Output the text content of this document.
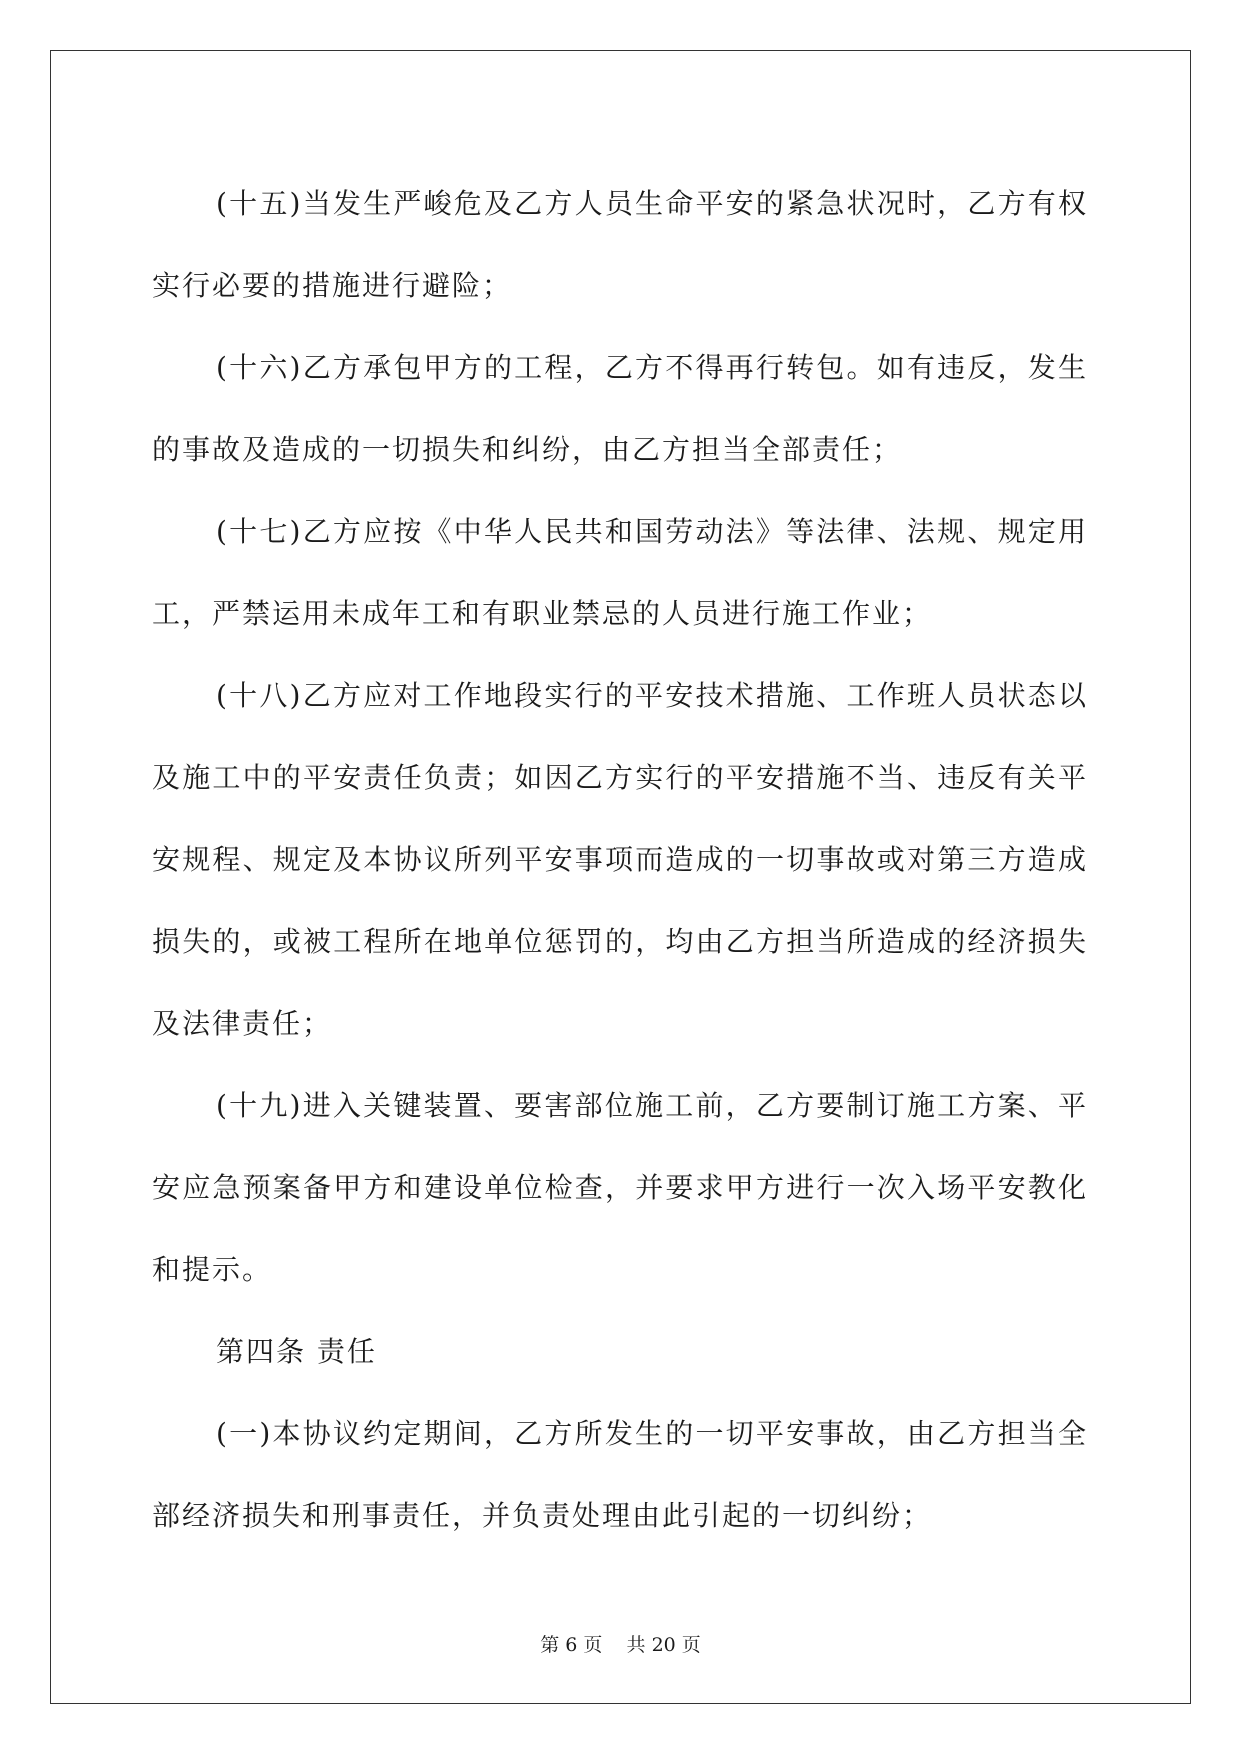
(十五)当发生严峻危及乙方人员生命平安的紧急状况时，乙方有权实行必要的措施进行避险；

(十六)乙方承包甲方的工程，乙方不得再行转包。如有违反，发生的事故及造成的一切损失和纠纷，由乙方担当全部责任；

(十七)乙方应按《中华人民共和国劳动法》等法律、法规、规定用工，严禁运用未成年工和有职业禁忌的人员进行施工作业；

(十八)乙方应对工作地段实行的平安技术措施、工作班人员状态以及施工中的平安责任负责；如因乙方实行的平安措施不当、违反有关平安规程、规定及本协议所列平安事项而造成的一切事故或对第三方造成损失的，或被工程所在地单位惩罚的，均由乙方担当所造成的经济损失及法律责任；

(十九)进入关键装置、要害部位施工前，乙方要制订施工方案、平安应急预案备甲方和建设单位检查，并要求甲方进行一次入场平安教化和提示。

第四条 责任

(一)本协议约定期间，乙方所发生的一切平安事故，由乙方担当全部经济损失和刑事责任，并负责处理由此引起的一切纠纷；

第 6 页    共 20 页
